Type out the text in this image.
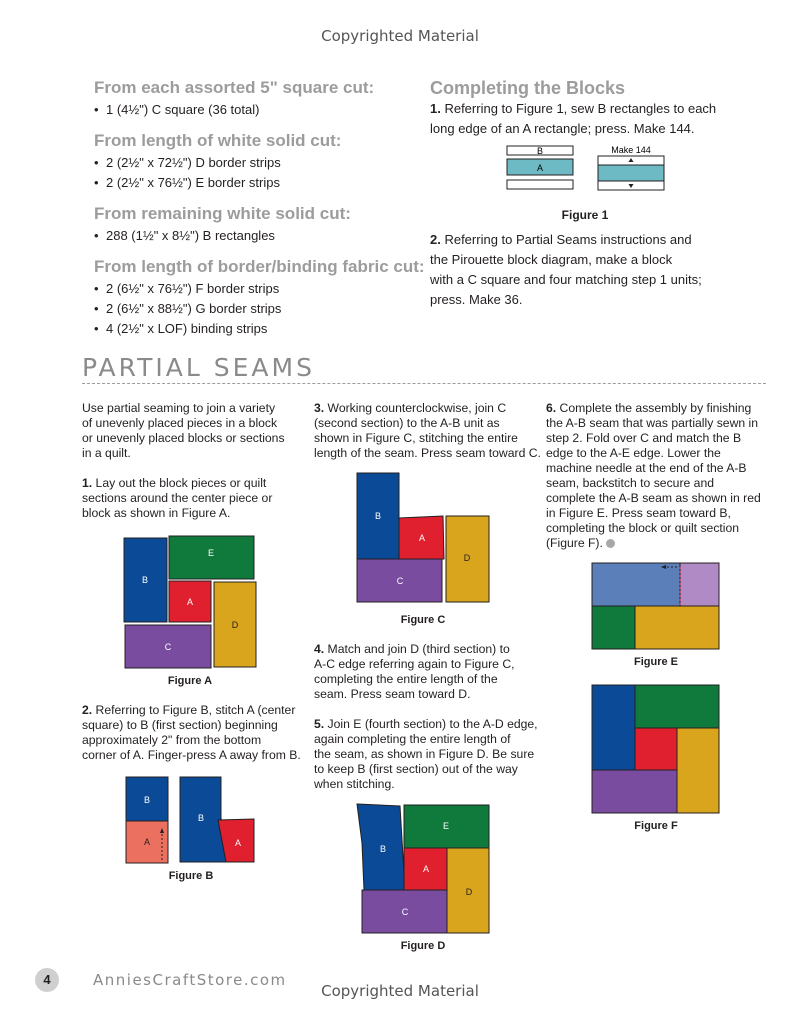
Copyrighted Material
From each assorted 5" square cut:
• 1 (4½") C square (36 total)
From length of white solid cut:
• 2 (2½" x 72½") D border strips
• 2 (2½" x 76½") E border strips
From remaining white solid cut:
• 288 (1½" x 8½") B rectangles
From length of border/binding fabric cut:
• 2 (6½" x 76½") F border strips
• 2 (6½" x 88½") G border strips
• 4 (2½" x LOF) binding strips
Completing the Blocks
1. Referring to Figure 1, sew B rectangles to each
long edge of an A rectangle; press. Make 144.
B
A
Make 144
Figure 1
2. Referring to Partial Seams instructions and
the Pirouette block diagram, make a block
with a C square and four matching step 1 units;
press. Make 36.
PARTIAL SEAMS
Use partial seaming to join a variety
of unevenly placed pieces in a block
or unevenly placed blocks or sections
in a quilt.
1. Lay out the block pieces or quilt
sections around the center piece or
block as shown in Figure A.
B
E
A
D
C
Figure A
2. Referring to Figure B, stitch A (center
square) to B (first section) beginning
approximately 2" from the bottom
corner of A. Finger-press A away from B.
B
A
B
A
Figure B
3. Working counterclockwise, join C
(second section) to the A-B unit as
shown in Figure C, stitching the entire
length of the seam. Press seam toward C.
B
A
C
D
Figure C
4. Match and join D (third section) to
A-C edge referring again to Figure C,
completing the entire length of the
seam. Press seam toward D.
5. Join E (fourth section) to the A-D edge,
again completing the entire length of
the seam, as shown in Figure D. Be sure
to keep B (first section) out of the way
when stitching.
B
E
A
D
C
Figure D
6. Complete the assembly by finishing
the A-B seam that was partially sewn in
step 2. Fold over C and match the B
edge to the A-E edge. Lower the
machine needle at the end of the A-B
seam, backstitch to secure and
complete the A-B seam as shown in red
in Figure E. Press seam toward B,
completing the block or quilt section
(Figure F).
Figure E
Figure F
4	AnniesCraftStore.com
Copyrighted Material
